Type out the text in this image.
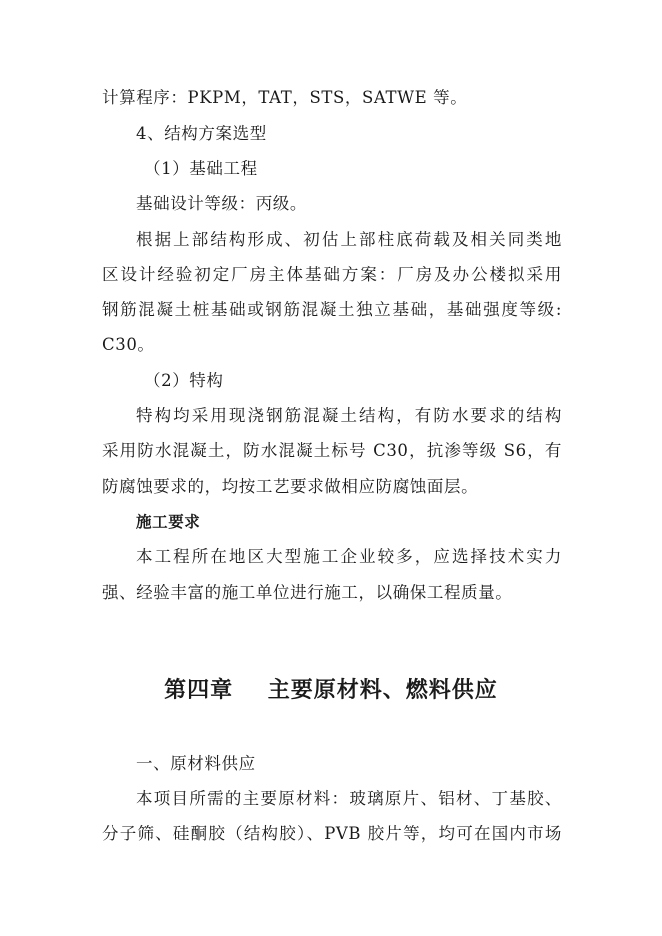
计算程序：PKPM，TAT，STS，SATWE 等。
4、结构方案选型
（1）基础工程
基础设计等级：丙级。
根据上部结构形成、初估上部柱底荷载及相关同类地
区设计经验初定厂房主体基础方案：厂房及办公楼拟采用
钢筋混凝土桩基础或钢筋混凝土独立基础，基础强度等级:
C30。
（2）特构
特构均采用现浇钢筋混凝土结构，有防水要求的结构
采用防水混凝土，防水混凝土标号 C30，抗渗等级 S6，有
防腐蚀要求的，均按工艺要求做相应防腐蚀面层。
施工要求
本工程所在地区大型施工企业较多，应选择技术实力
强、经验丰富的施工单位进行施工，以确保工程质量。
第四章    主要原材料、燃料供应
一、原材料供应
本项目所需的主要原材料：玻璃原片、铝材、丁基胶、
分子筛、硅酮胶（结构胶）、PVB 胶片等，均可在国内市场
